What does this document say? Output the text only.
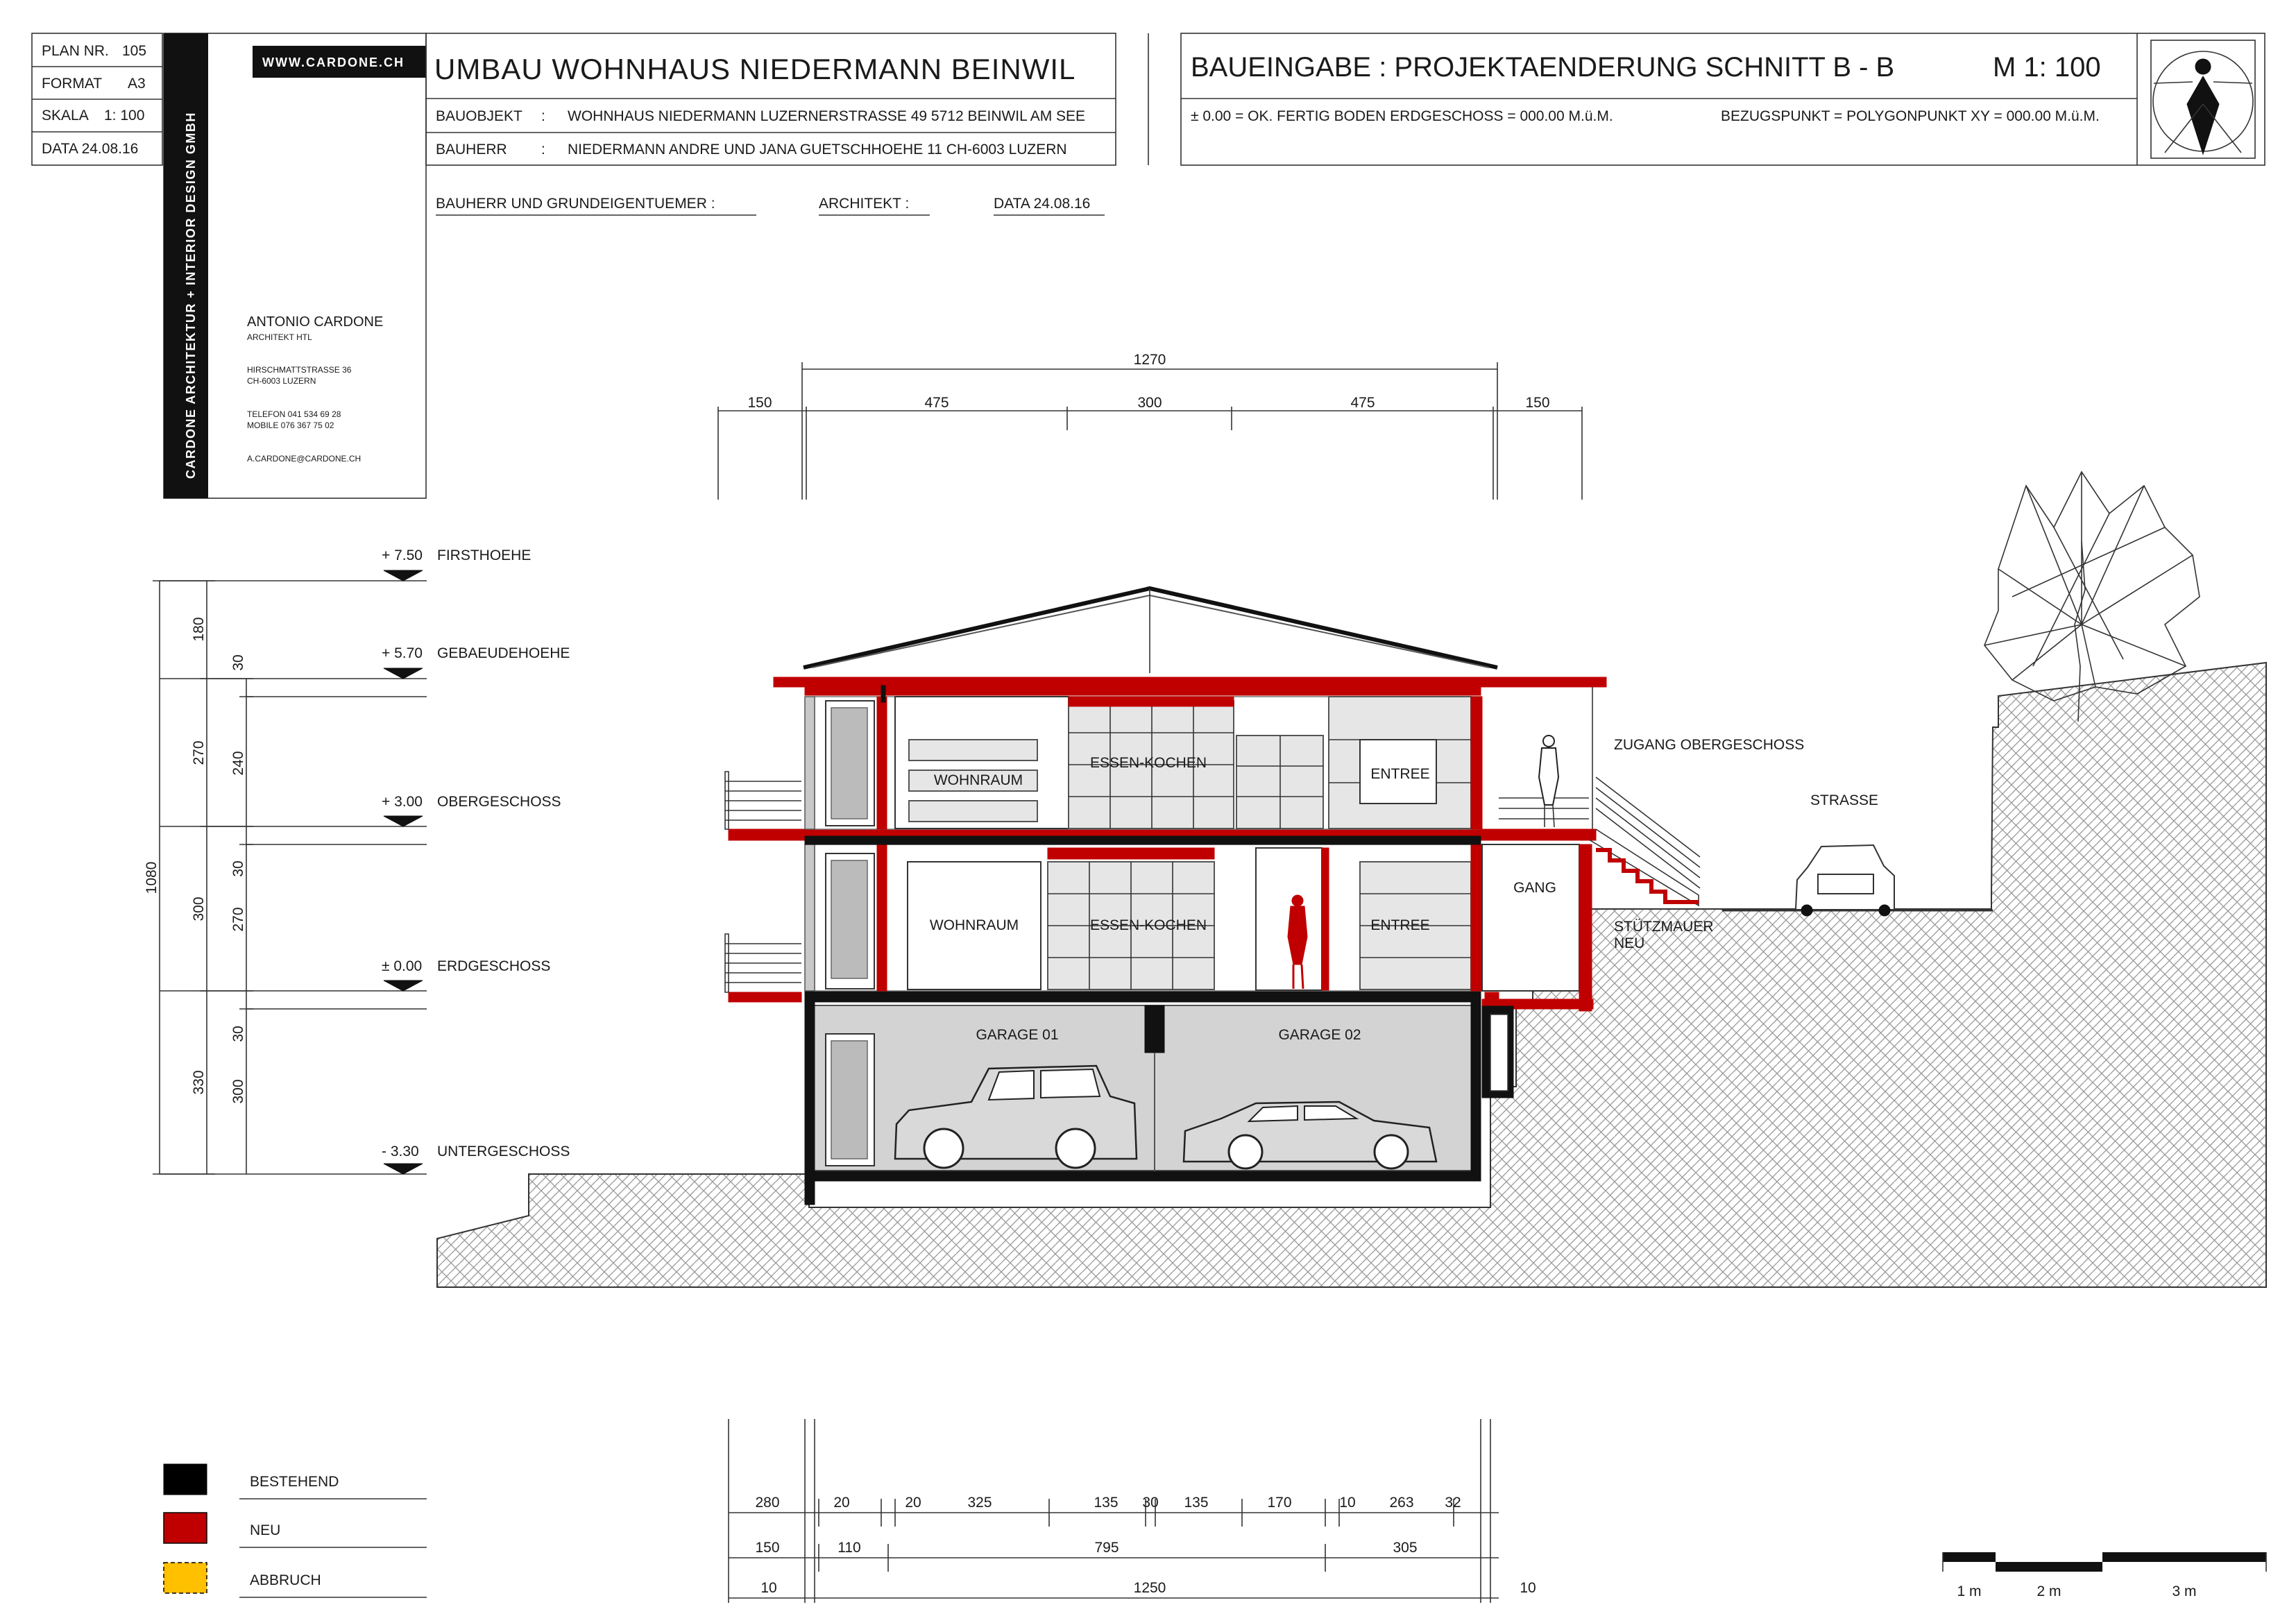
PLAN NR. 105
FORMAT A3
SKALA 1: 100
DATA 24.08.16	CARDONE ARCHITEKTUR + INTERIOR DESIGN GMBH
WWW.CARDONE.CH
ANTONIO CARDONE
ARCHITEKT HTL
HIRSCHMATTSTRASSE 36
CH-6003 LUZERN
TELEFON 041 534 69 28
MOBILE 076 367 75 02
A.CARDONE@CARDONE.CH
UMBAU WOHNHAUS NIEDERMANN BEINWIL
BAUOBJEKT : WOHNHAUS NIEDERMANN LUZERNERSTRASSE 49 5712 BEINWIL AM SEE
BAUHERR : NIEDERMANN ANDRE UND JANA GUETSCHHOEHE 11 CH-6003 LUZERN
BAUHERR UND GRUNDEIGENTUEMER :	ARCHITEKT :	DATA 24.08.16
BAUEINGABE : PROJEKTAENDERUNG SCHNITT B - B	M 1: 100
± 0.00 = OK. FERTIG BODEN ERDGESCHOSS = 000.00 M.ü.M.	BEZUGSPUNKT = POLYGONPUNKT XY = 000.00 M.ü.M.
1270
150	475	300	475	150
+ 7.50 FIRSTHOEHE
+ 5.70 GEBAEUDEHOEHE
+ 3.00 OBERGESCHOSS
± 0.00 ERDGESCHOSS
- 3.30 UNTERGESCHOSS
1080
180
270
300
330
30
240
30
270
30
300
GARAGE 01	GARAGE 02
WOHNRAUM	ESSEN-KOCHEN	ENTREE
GANG
WOHNRAUM
ESSEN-KOCHEN
ENTREE
ZUGANG OBERGESCHOSS
STRASSE
STÜTZMAUER
NEU
280	20	20	325	135 30 135	170	10 263 32
150	110	795	305
10	1250	10
BESTEHEND
NEU
ABBRUCH
1 m	2 m	3 m
